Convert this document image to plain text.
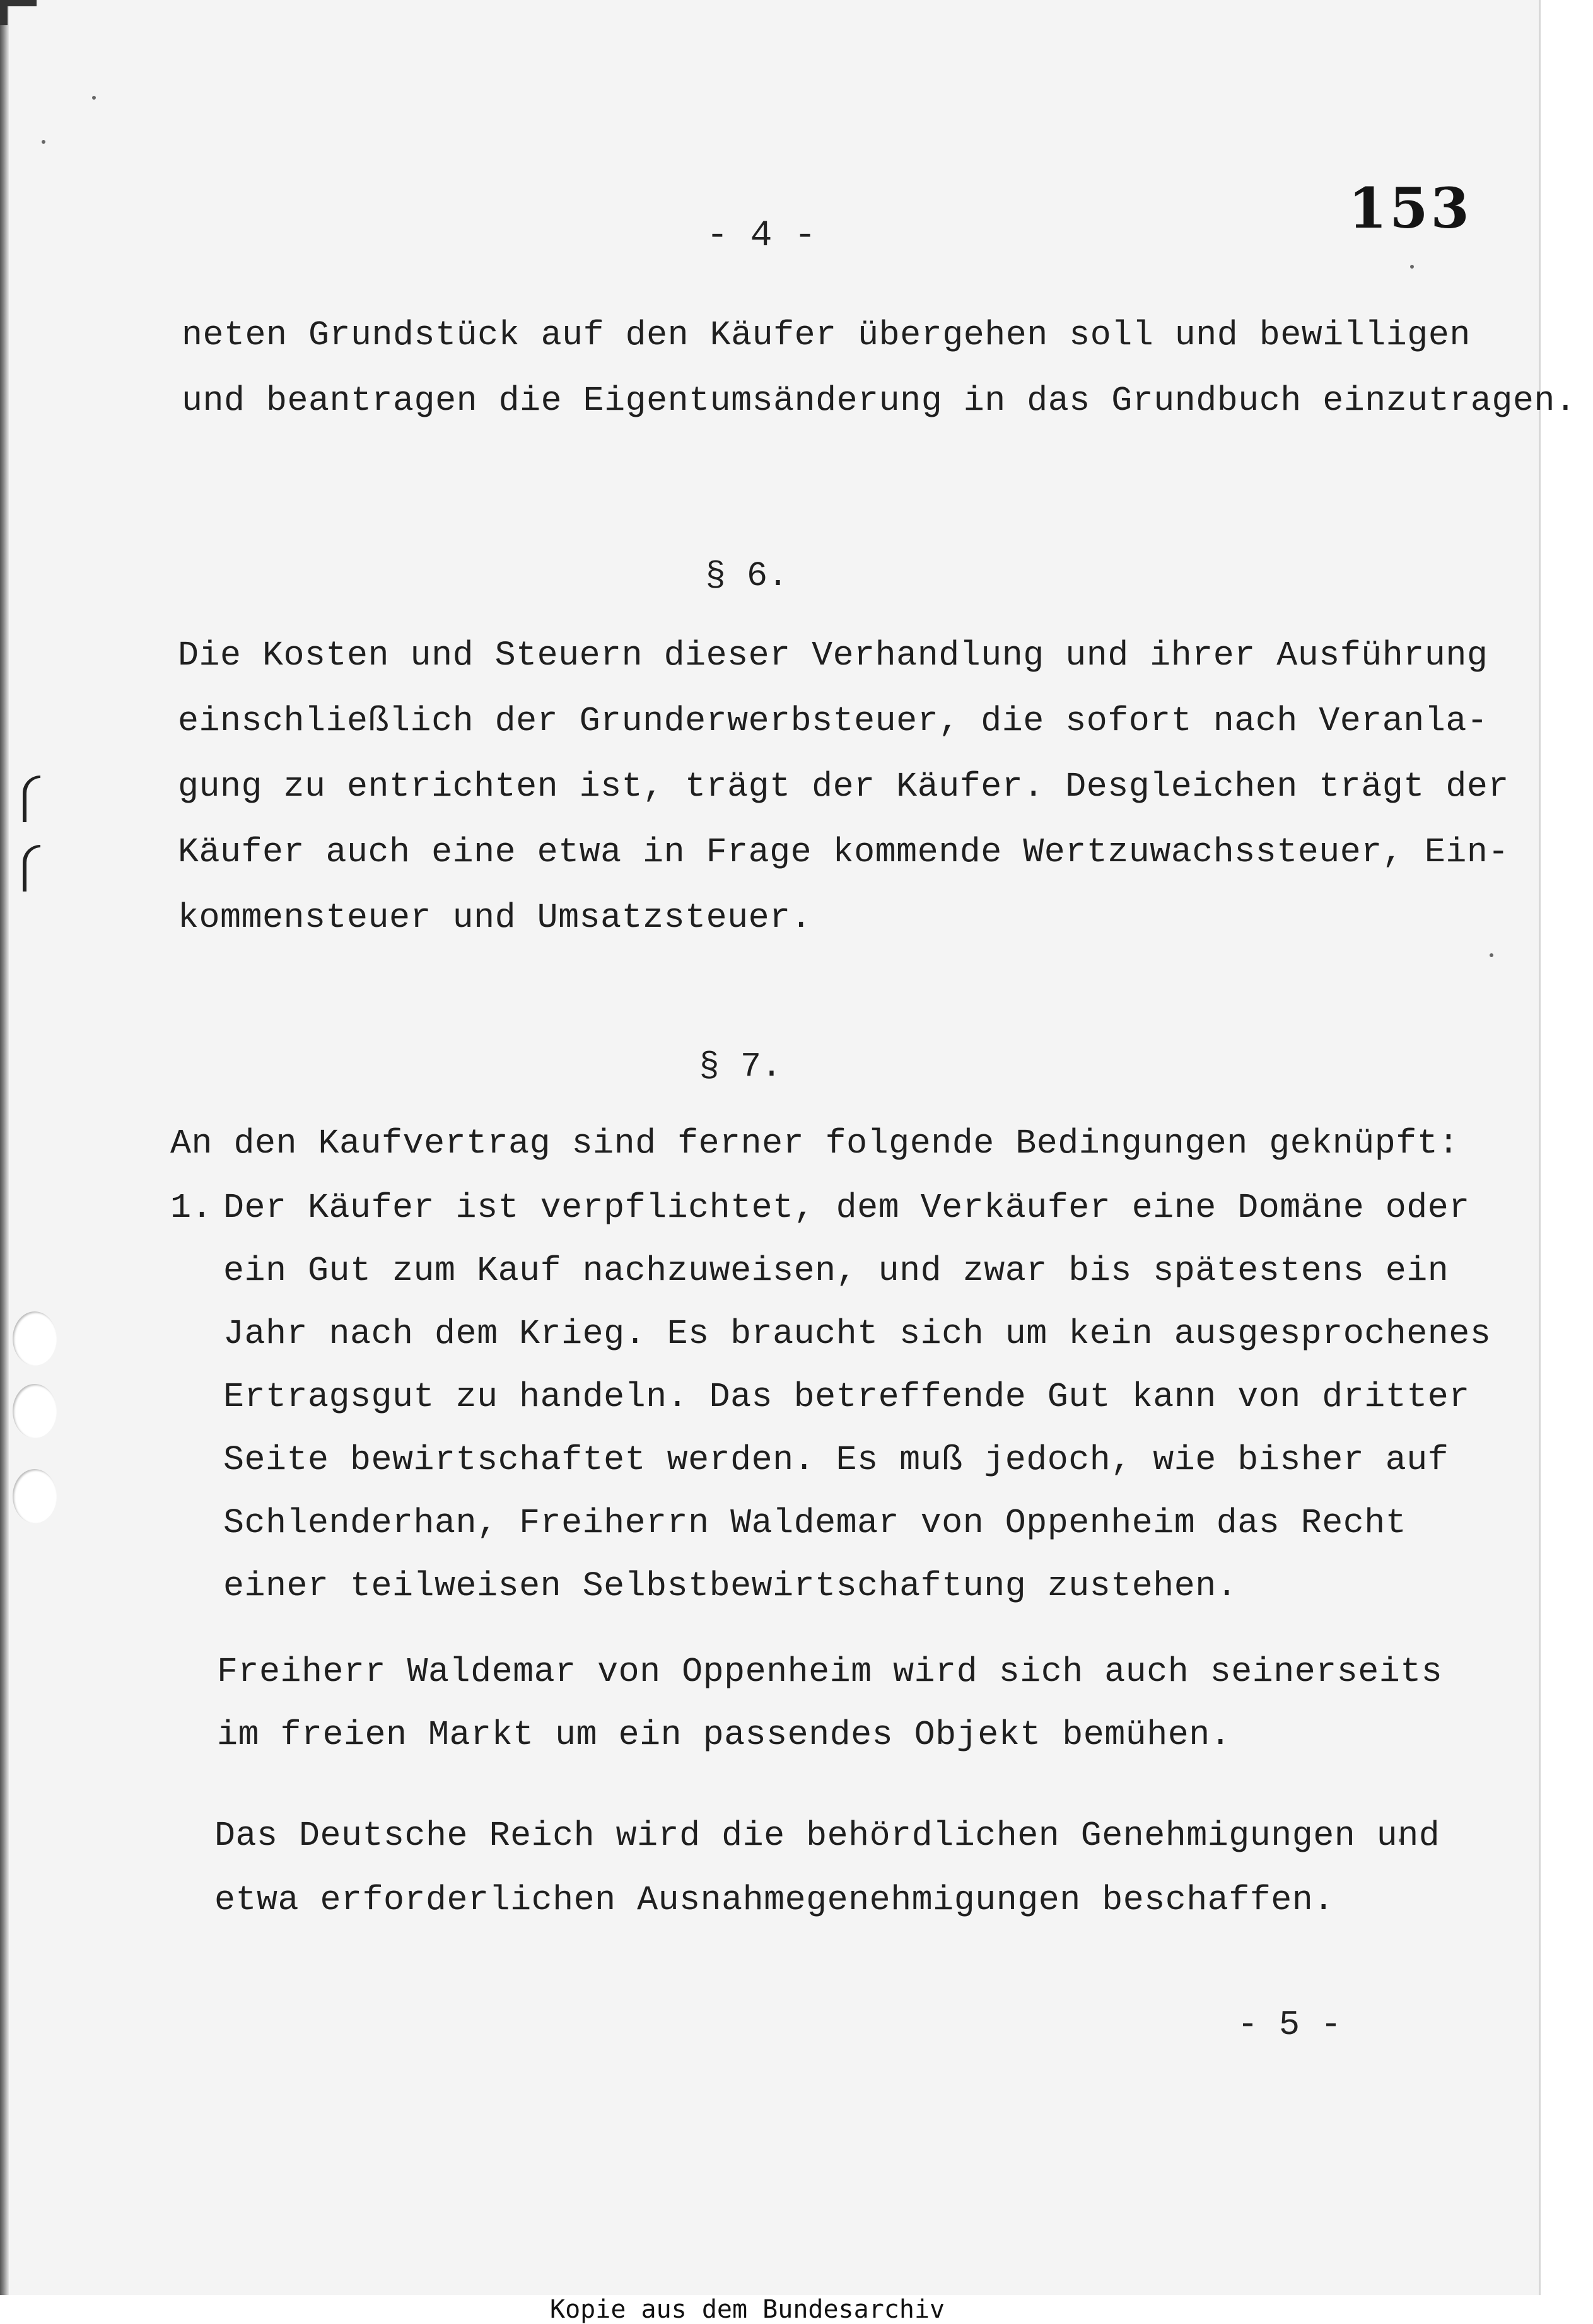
153
- 4 -
neten Grundstück auf den Käufer übergehen soll und bewilligen
und beantragen die Eigentumsänderung in das Grundbuch einzutragen.
§ 6.
Die Kosten und Steuern dieser Verhandlung und ihrer Ausführung
einschließlich der Grunderwerbsteuer, die sofort nach Veranla-
gung zu entrichten ist, trägt der Käufer. Desgleichen trägt der
Käufer auch eine etwa in Frage kommende Wertzuwachssteuer, Ein-
kommensteuer und Umsatzsteuer.
§ 7.
An den Kaufvertrag sind ferner folgende Bedingungen geknüpft:
1. Der Käufer ist verpflichtet, dem Verkäufer eine Domäne oder
ein Gut zum Kauf nachzuweisen, und zwar bis spätestens ein
Jahr nach dem Krieg. Es braucht sich um kein ausgesprochenes
Ertragsgut zu handeln. Das betreffende Gut kann von dritter
Seite bewirtschaftet werden. Es muß jedoch, wie bisher auf
Schlenderhan, Freiherrn Waldemar von Oppenheim das Recht
einer teilweisen Selbstbewirtschaftung zustehen.
Freiherr Waldemar von Oppenheim wird sich auch seinerseits
im freien Markt um ein passendes Objekt bemühen.
Das Deutsche Reich wird die behördlichen Genehmigungen und
etwa erforderlichen Ausnahmegenehmigungen beschaffen.
- 5 -
Kopie aus dem Bundesarchiv
